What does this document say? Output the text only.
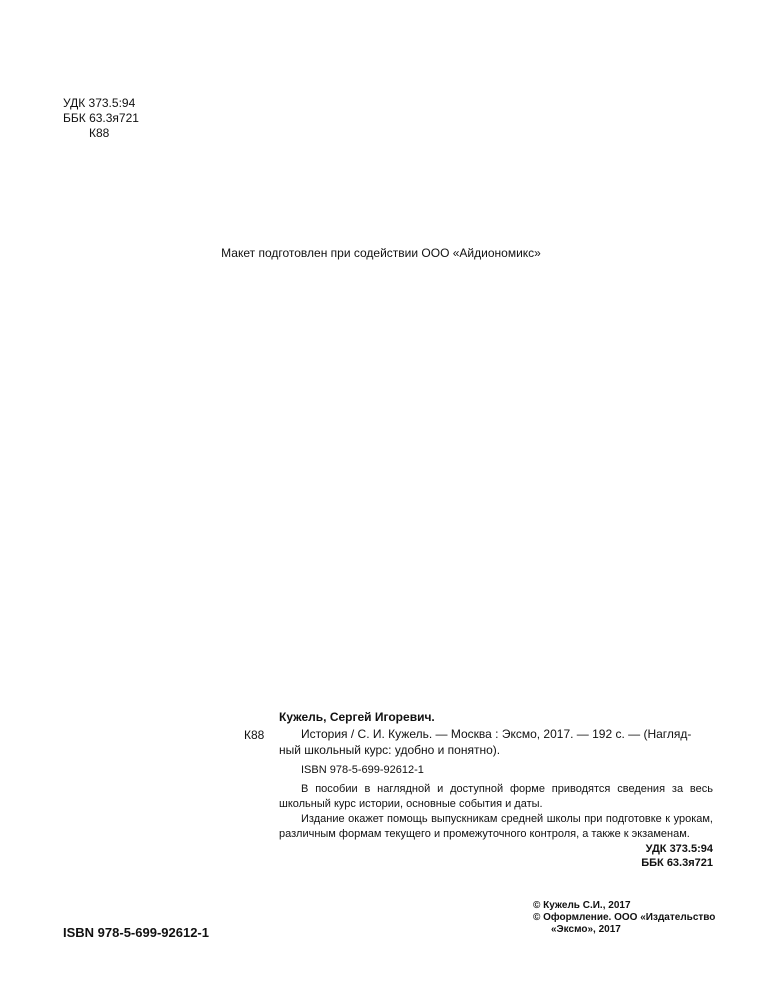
УДК 373.5:94
ББК 63.3я721
К88
Макет подготовлен при содействии ООО «Айдиономикс»
Кужель, Сергей Игоревич.
К88	История / С. И. Кужель. — Москва : Эксмо, 2017. — 192 с. — (Нагляд-
ный школьный курс: удобно и понятно).
ISBN 978-5-699-92612-1

В пособии в наглядной и доступной форме приводятся сведения за весь школьный курс истории, основные события и даты.

Издание окажет помощь выпускникам средней школы при подготовке к урокам, различным формам текущего и промежуточного контроля, а также к экзаменам.

УДК 373.5:94
ББК 63.3я721
ISBN 978-5-699-92612-1
© Кужель С.И., 2017
© Оформление. ООО «Издательство
«Эксмо», 2017
